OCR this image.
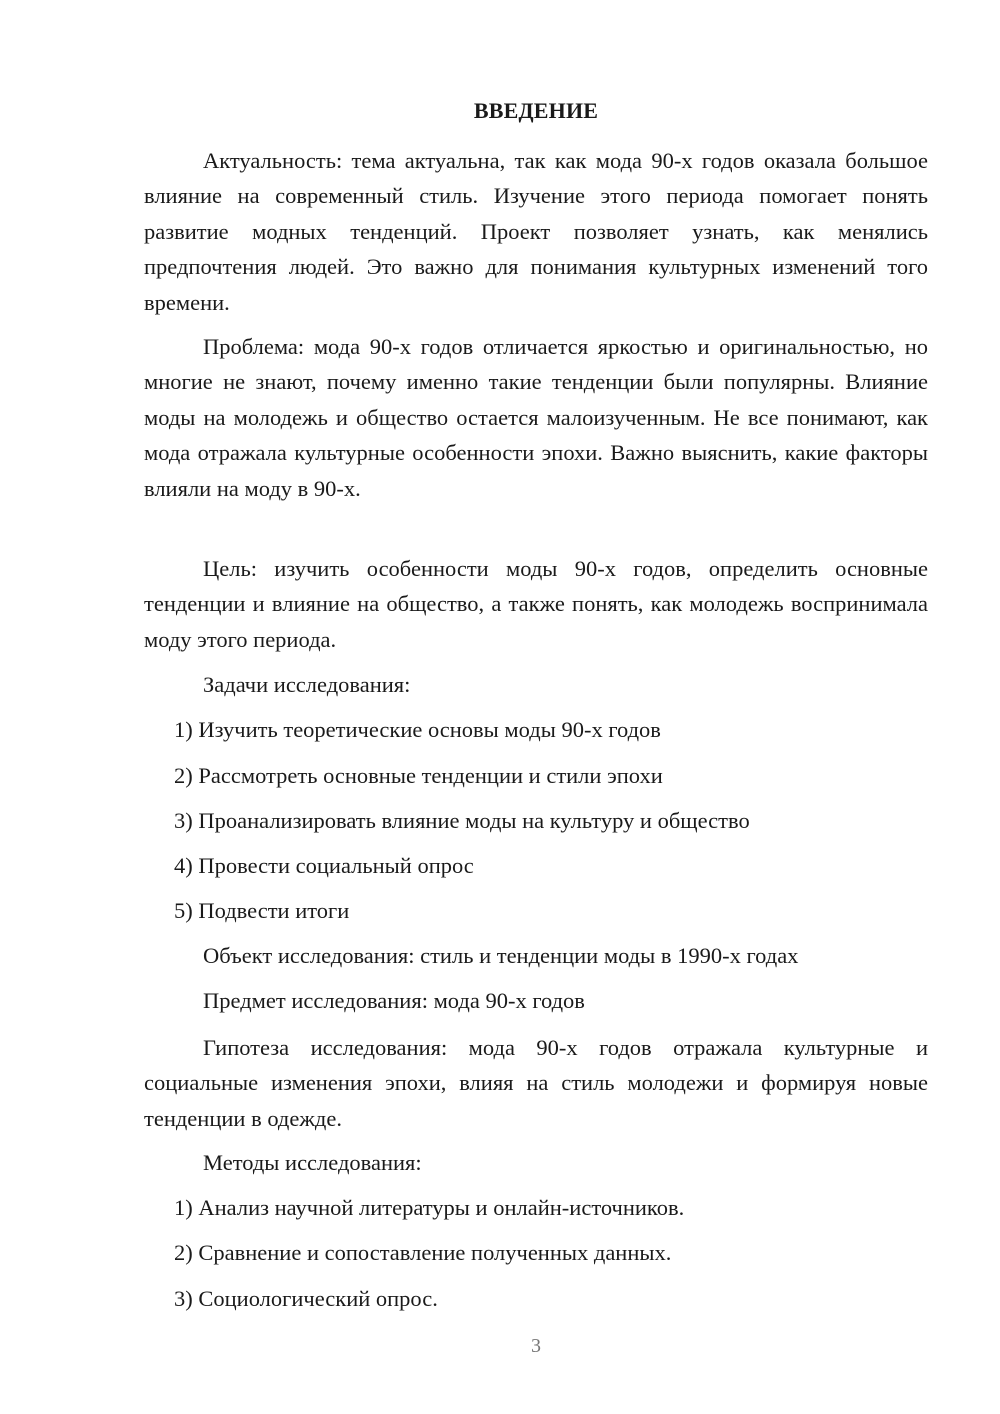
ВВЕДЕНИЕ

Актуальность: тема актуальна, так как мода 90-х годов оказала большое влияние на современный стиль. Изучение этого периода помогает понять развитие модных тенденций. Проект позволяет узнать, как менялись предпочтения людей. Это важно для понимания культурных изменений того времени.

Проблема: мода 90-х годов отличается яркостью и оригинальностью, но многие не знают, почему именно такие тенденции были популярны. Влияние моды на молодежь и общество остается малоизученным. Не все понимают, как мода отражала культурные особенности эпохи. Важно выяснить, какие факторы влияли на моду в 90-х.

Цель: изучить особенности моды 90-х годов, определить основные тенденции и влияние на общество, а также понять, как молодежь воспринимала моду этого периода.

Задачи исследования:
1) Изучить теоретические основы моды 90-х годов
2) Рассмотреть основные тенденции и стили эпохи
3) Проанализировать влияние моды на культуру и общество
4) Провести социальный опрос
5) Подвести итоги
Объект исследования: стиль и тенденции моды в 1990-х годах
Предмет исследования: мода 90-х годов

Гипотеза исследования: мода 90-х годов отражала культурные и социальные изменения эпохи, влияя на стиль молодежи и формируя новые тенденции в одежде.

Методы исследования:
1) Анализ научной литературы и онлайн-источников.
2) Сравнение и сопоставление полученных данных.
3) Социологический опрос.
3
